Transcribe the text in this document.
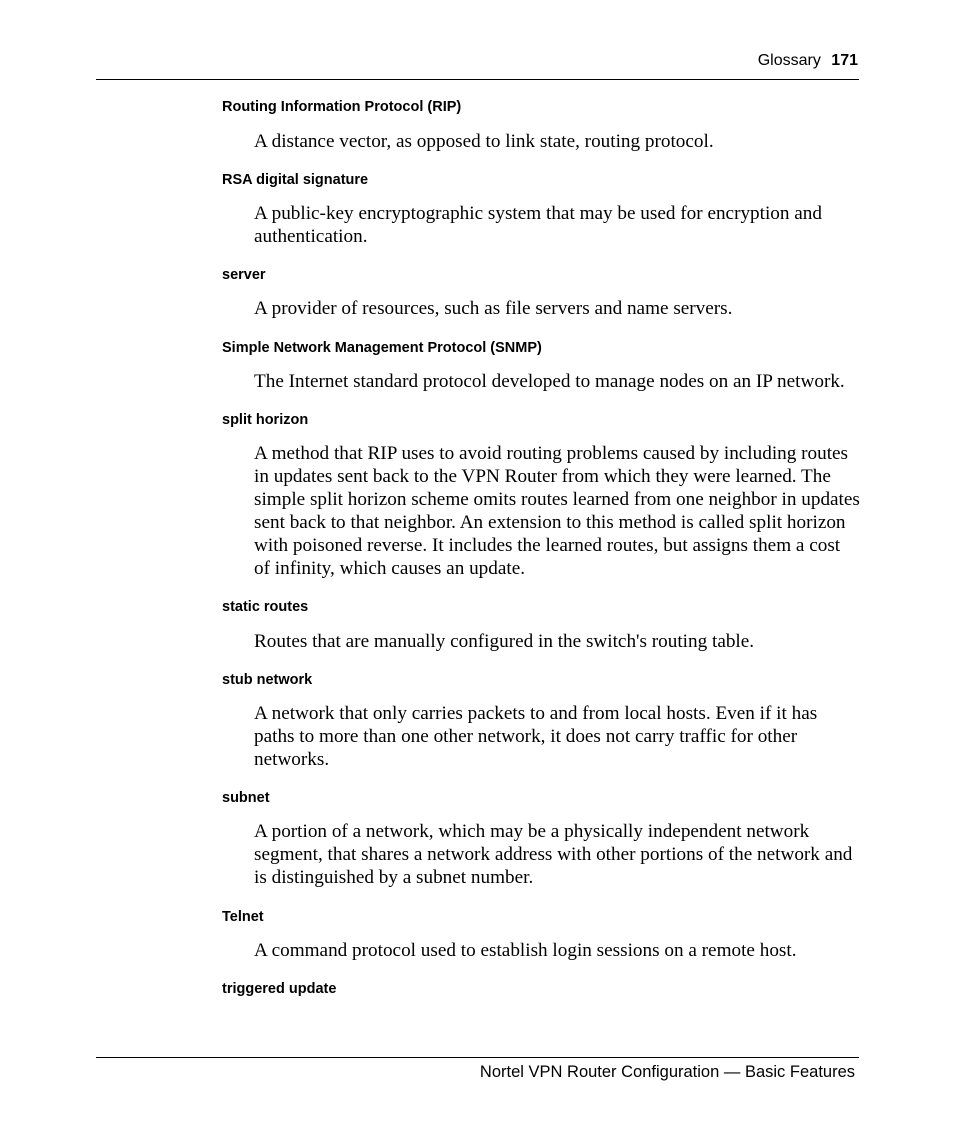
Glossary 171
Routing Information Protocol (RIP)

A distance vector, as opposed to link state, routing protocol.

RSA digital signature

A public-key encryptographic system that may be used for encryption and authentication.

server

A provider of resources, such as file servers and name servers.

Simple Network Management Protocol (SNMP)

The Internet standard protocol developed to manage nodes on an IP network.

split horizon

A method that RIP uses to avoid routing problems caused by including routes in updates sent back to the VPN Router from which they were learned. The simple split horizon scheme omits routes learned from one neighbor in updates sent back to that neighbor. An extension to this method is called split horizon with poisoned reverse. It includes the learned routes, but assigns them a cost of infinity, which causes an update.

static routes

Routes that are manually configured in the switch's routing table.

stub network

A network that only carries packets to and from local hosts. Even if it has paths to more than one other network, it does not carry traffic for other networks.

subnet

A portion of a network, which may be a physically independent network segment, that shares a network address with other portions of the network and is distinguished by a subnet number.

Telnet

A command protocol used to establish login sessions on a remote host.

triggered update
Nortel VPN Router Configuration — Basic Features
